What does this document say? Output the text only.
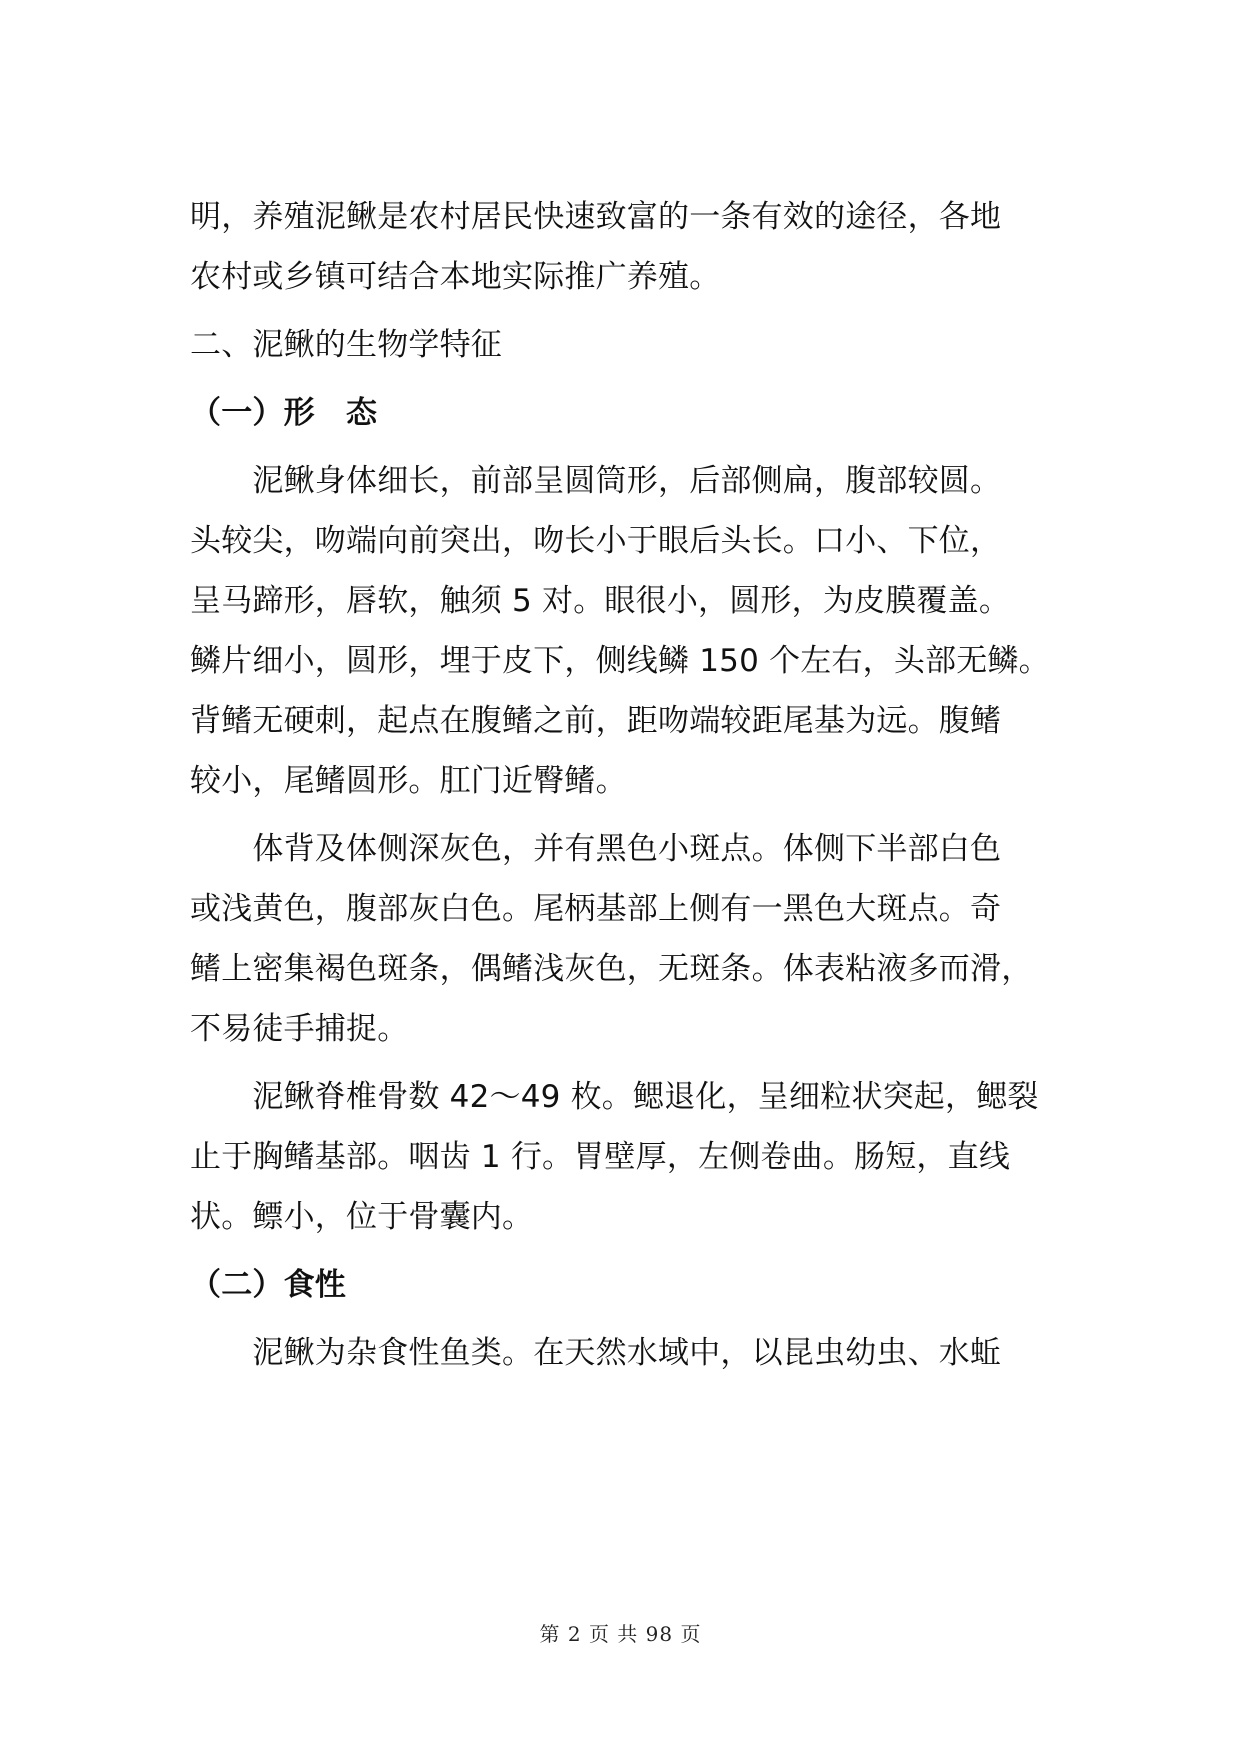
明，养殖泥鳅是农村居民快速致富的一条有效的途径，各地
农村或乡镇可结合本地实际推广养殖。
二、泥鳅的生物学特征
（一）形　态
　　泥鳅身体细长，前部呈圆筒形，后部侧扁，腹部较圆。
头较尖，吻端向前突出，吻长小于眼后头长。口小、下位，
呈马蹄形，唇软，触须 5 对。眼很小，圆形，为皮膜覆盖。
鳞片细小，圆形，埋于皮下，侧线鳞 150 个左右，头部无鳞。
背鳍无硬刺，起点在腹鳍之前，距吻端较距尾基为远。腹鳍
较小，尾鳍圆形。肛门近臀鳍。
　　体背及体侧深灰色，并有黑色小斑点。体侧下半部白色
或浅黄色，腹部灰白色。尾柄基部上侧有一黑色大斑点。奇
鳍上密集褐色斑条，偶鳍浅灰色，无斑条。体表粘液多而滑，
不易徒手捕捉。
　　泥鳅脊椎骨数 42～49 枚。鳃退化，呈细粒状突起，鳃裂
止于胸鳍基部。咽齿 1 行。胃壁厚，左侧卷曲。肠短，直线
状。鳔小，位于骨囊内。
（二）食性
　　泥鳅为杂食性鱼类。在天然水域中，以昆虫幼虫、水蚯
第 2 页 共 98 页
